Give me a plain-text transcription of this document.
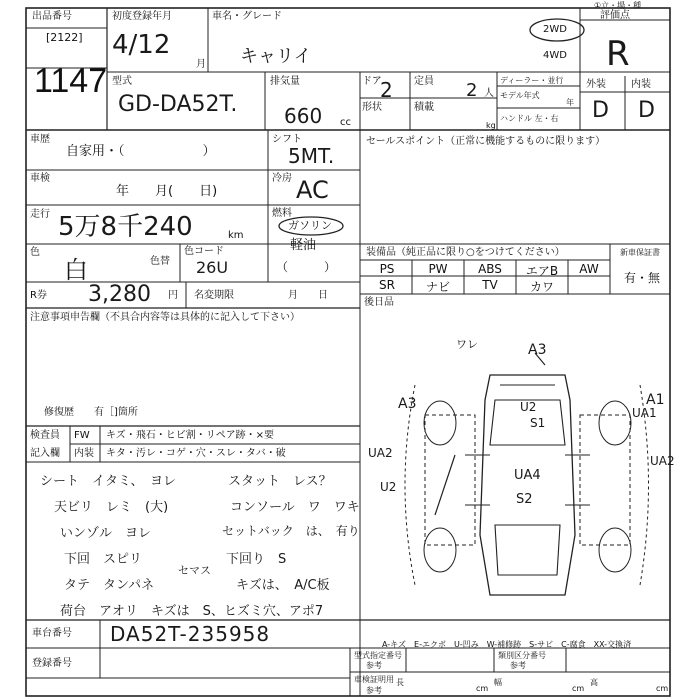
出品番号
[2122]
1147
初度登録年月
4/12
月
車名・グレード
キャリイ
2WD
4WD
①立・場・種
評価点
R
型式
GD-DA52T.
排気量
660 cc
ドア
2 定員 2 人
形状	積載
kg
ディーラー・並行
モデル年式
年
ハンドル 左・右
外装	内装
D D
車歴
自家用・（　　　　　　）
シフト
5MT.
セールスポイント（正常に機能するものに限ります）
車検
年　　月(　　日)
冷房 AC
走行 5万8千240	km
燃料
ガソリン
軽油
（　　　）
色
白	色替
色コード
26U
R券 3,280 円 名変期限	月　　日
装備品（純正品に限り○をつけてください）	新車保証書
有・無
PS	PW	ABS	エアB	AW
SR	ナビ	TV	カワ
後日品
注意事項申告欄（不具合内容等は具体的に記入して下さい）
修復歴　　有［]箇所
検査員
記入欄
FW キズ・飛石・ヒビ割・リペア跡・×要
内装 キタ・汚レ・コゲ・穴・スレ・タバ・破
シート　イタミ、　ヨレ	スタット　レス？
天ビリ　レミ　(大)	コンソール　ワ　ワキ
いンゾル　ヨレ	セットバック　は、　有り
下回　スピリ	下回り　S
タテ　タンパネ
セマス
キズは、　A/C板
荷台　アオリ　キズは　S、ヒズミ穴、アポ7
A3
ワレ
A3	A1
U2
S1
UA2
UA2
UA4
S2
U2
UA1
A-キズ　E-エクボ　U-凹み　W-補修跡　S-サビ　C-腐食　XX-交換済
車台番号 DA52T-235958
登録番号
型式指定番号
参考
類別区分番号
参考
車検証明用
参考
長
cm
幅
cm
高
cm
